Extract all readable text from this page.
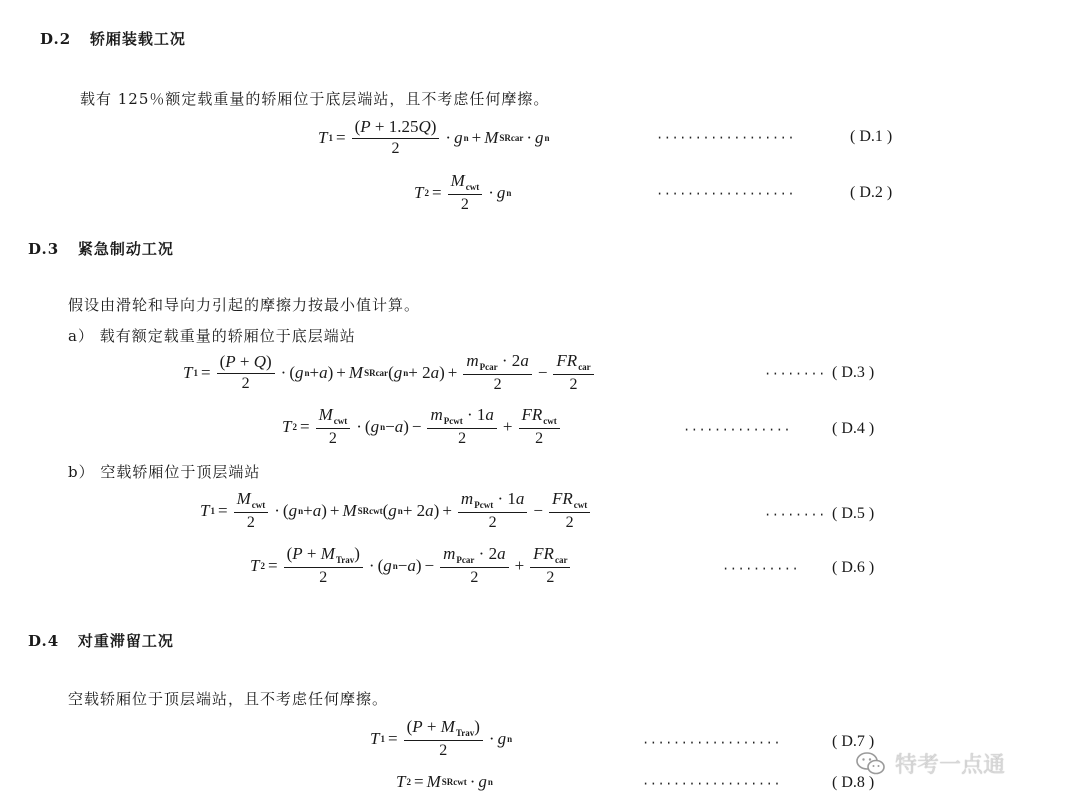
D.2 轿厢装载工况
载有 125％额定载重量的轿厢位于底层端站，且不考虑任何摩擦。
T $1 = \frac{(P + 1.25Q)}{2} \cdot g$ n + M SRcar · g n	··················	( D.1 )
T $2 = \frac{M_{cwt}}{2} \cdot g$ n	··················	( D.2 )
D.3 紧急制动工况
假设由滑轮和导向力引起的摩擦力按最小值计算。
a） 载有额定载重量的轿厢位于底层端站
T $1 = \frac{(P + Q)}{2}$ · ( g n + a ) + M SRcar ( g n + 2 a ) + $\frac{m_{Pcar} \cdot 2a}{2} - \frac{FR_{car}}{2}$	········ ( D.3 )
T $2 = \frac{M_{cwt}}{2}$ · ( g n − a ) − $\frac{m_{Pcwt} \cdot 1a}{2} + \frac{FR_{cwt}}{2}$	··············	( D.4 )
b） 空载轿厢位于顶层端站
T $1 = \frac{M_{cwt}}{2}$ · ( g n + a ) + M SRcwt ( g n + 2 a ) + $\frac{m_{Pcwt} \cdot 1a}{2} - \frac{FR_{cwt}}{2}$	········ ( D.5 )
T $2 = \frac{(P + M_{Trav})}{2}$ · ( g n − a ) − $\frac{m_{Pcar} \cdot 2a}{2} + \frac{FR_{car}}{2}$	·········· ( D.6 )
D.4 对重滞留工况
空载轿厢位于顶层端站，且不考虑任何摩擦。
T $1 = \frac{(P + M_{Trav})}{2} \cdot g$ n	··················	( D.7 )
T 2 = M SRcwt · g n	··················	( D.8 )
特考一点通
